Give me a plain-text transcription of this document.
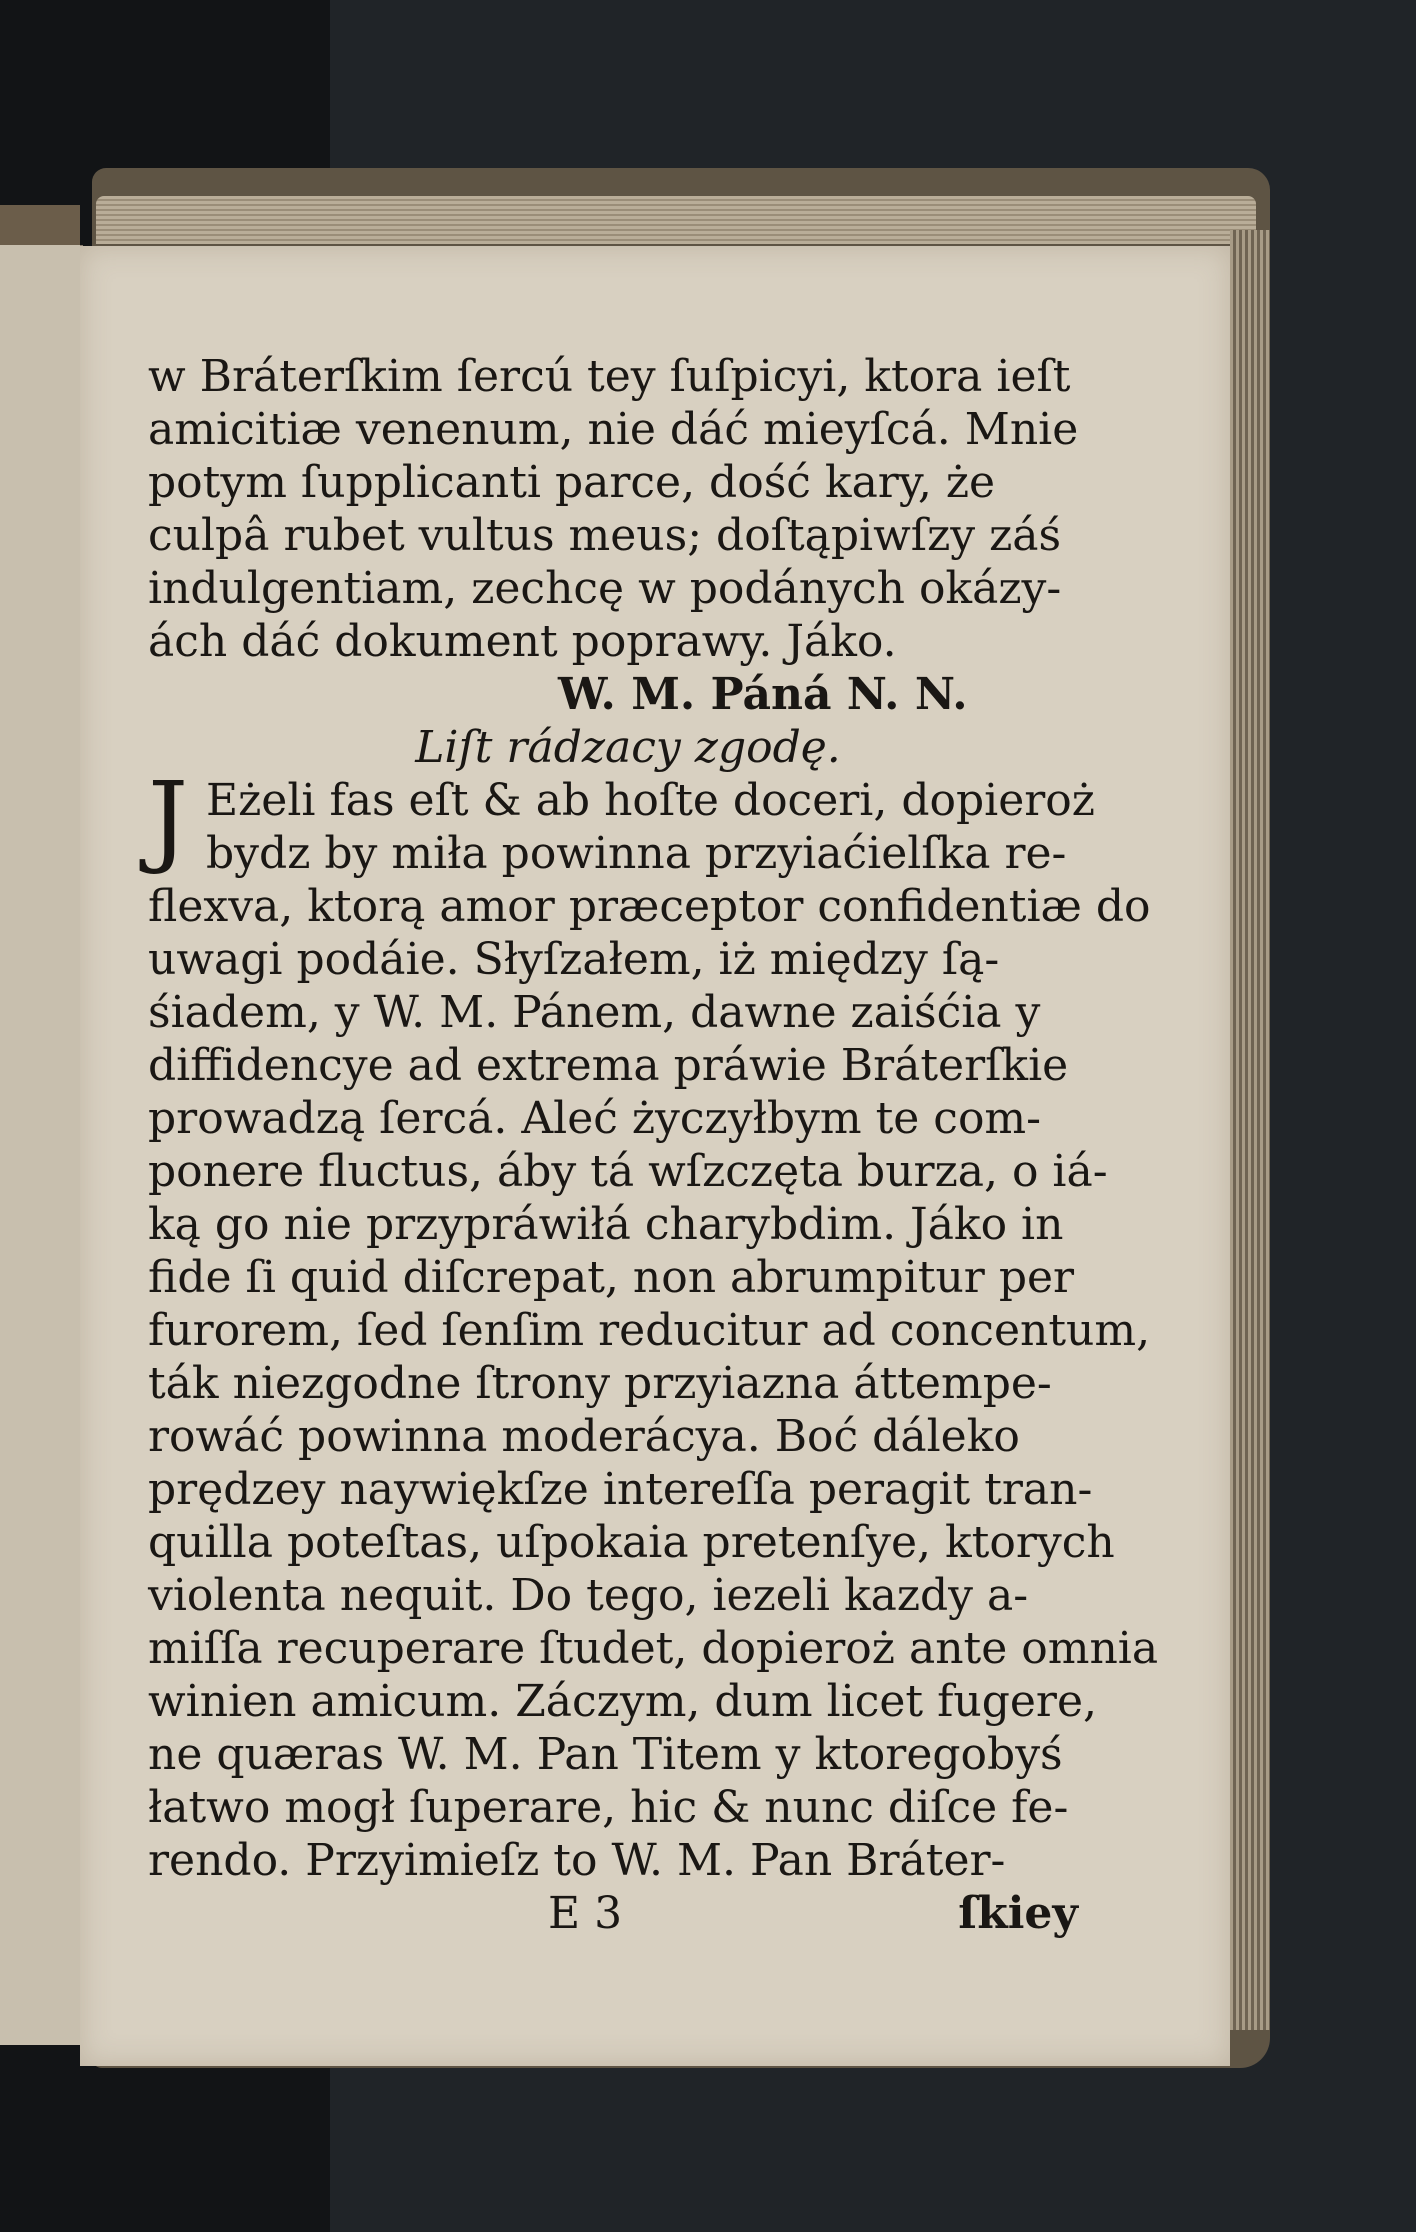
w Bráterſkim ſercú tey ſuſpicyi, ktora ieſt
amicitiæ venenum, nie dáć mieyſcá. Mnie
potym ſupplicanti parce, dość kary, że
culpâ rubet vultus meus; doſtąpiwſzy záś
indulgentiam, zechcę w podánych okázy-
ách dáć dokument poprawy. Jáko.
W. M. Páná N. N.
Liſt rádzacy zgodę.
J Eżeli fas eſt & ab hoſte doceri, dopieroż
bydz by miła powinna przyiaćielſka re-
flexva, ktorą amor præceptor confidentiæ do
uwagi podáie. Słyſzałem, iż między ſą-
śiadem, y W. M. Pánem, dawne zaiśćia y
diffidencye ad extrema práwie Bráterſkie
prowadzą ſercá. Aleć życzyłbym te com-
ponere fluctus, áby tá wſzczęta burza, o iá-
ką go nie przypráwiłá charybdim. Jáko in
fide ſi quid diſcrepat, non abrumpitur per
furorem, ſed ſenſim reducitur ad concentum,
ták niezgodne ſtrony przyiazna áttempe-
rowáć powinna moderácya. Boć dáleko
prędzey naywiękſze intereſſa peragit tran-
quilla poteſtas, uſpokaia pretenſye, ktorych
violenta nequit. Do tego, iezeli kazdy a-
miſſa recuperare ſtudet, dopieroż ante omnia
winien amicum. Záczym, dum licet fugere,
ne quæras W. M. Pan Titem y ktoregobyś
łatwo mogł ſuperare, hic & nunc diſce fe-
rendo. Przyimieſz to W. M. Pan Bráter-
E 3	ſkiey
